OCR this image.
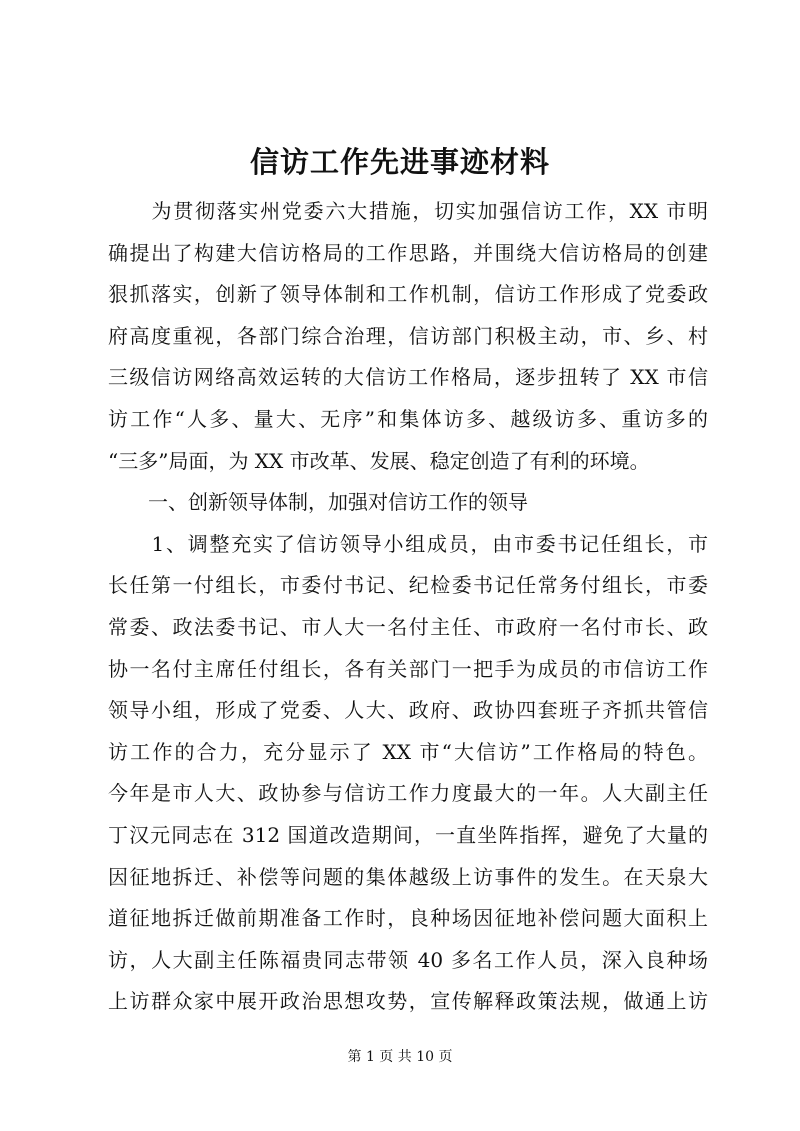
信访工作先进事迹材料
　　为贯彻落实州党委六大措施，切实加强信访工作，XX 市明
确提出了构建大信访格局的工作思路，并围绕大信访格局的创建
狠抓落实，创新了领导体制和工作机制，信访工作形成了党委政
府高度重视，各部门综合治理，信访部门积极主动，市、乡、村
三级信访网络高效运转的大信访工作格局，逐步扭转了 XX 市信
访工作“人多、量大、无序”和集体访多、越级访多、重访多的
“三多”局面，为 XX 市改革、发展、稳定创造了有利的环境。
　　一、创新领导体制，加强对信访工作的领导
　　1、调整充实了信访领导小组成员，由市委书记任组长，市
长任第一付组长，市委付书记、纪检委书记任常务付组长，市委
常委、政法委书记、市人大一名付主任、市政府一名付市长、政
协一名付主席任付组长，各有关部门一把手为成员的市信访工作
领导小组，形成了党委、人大、政府、政协四套班子齐抓共管信
访工作的合力，充分显示了 XX 市“大信访”工作格局的特色。
今年是市人大、政协参与信访工作力度最大的一年。人大副主任
丁汉元同志在 312 国道改造期间，一直坐阵指挥，避免了大量的
因征地拆迁、补偿等问题的集体越级上访事件的发生。在天泉大
道征地拆迁做前期准备工作时，良种场因征地补偿问题大面积上
访，人大副主任陈福贵同志带领 40 多名工作人员，深入良种场
上访群众家中展开政治思想攻势，宣传解释政策法规，做通上访
第 1 页 共 10 页
